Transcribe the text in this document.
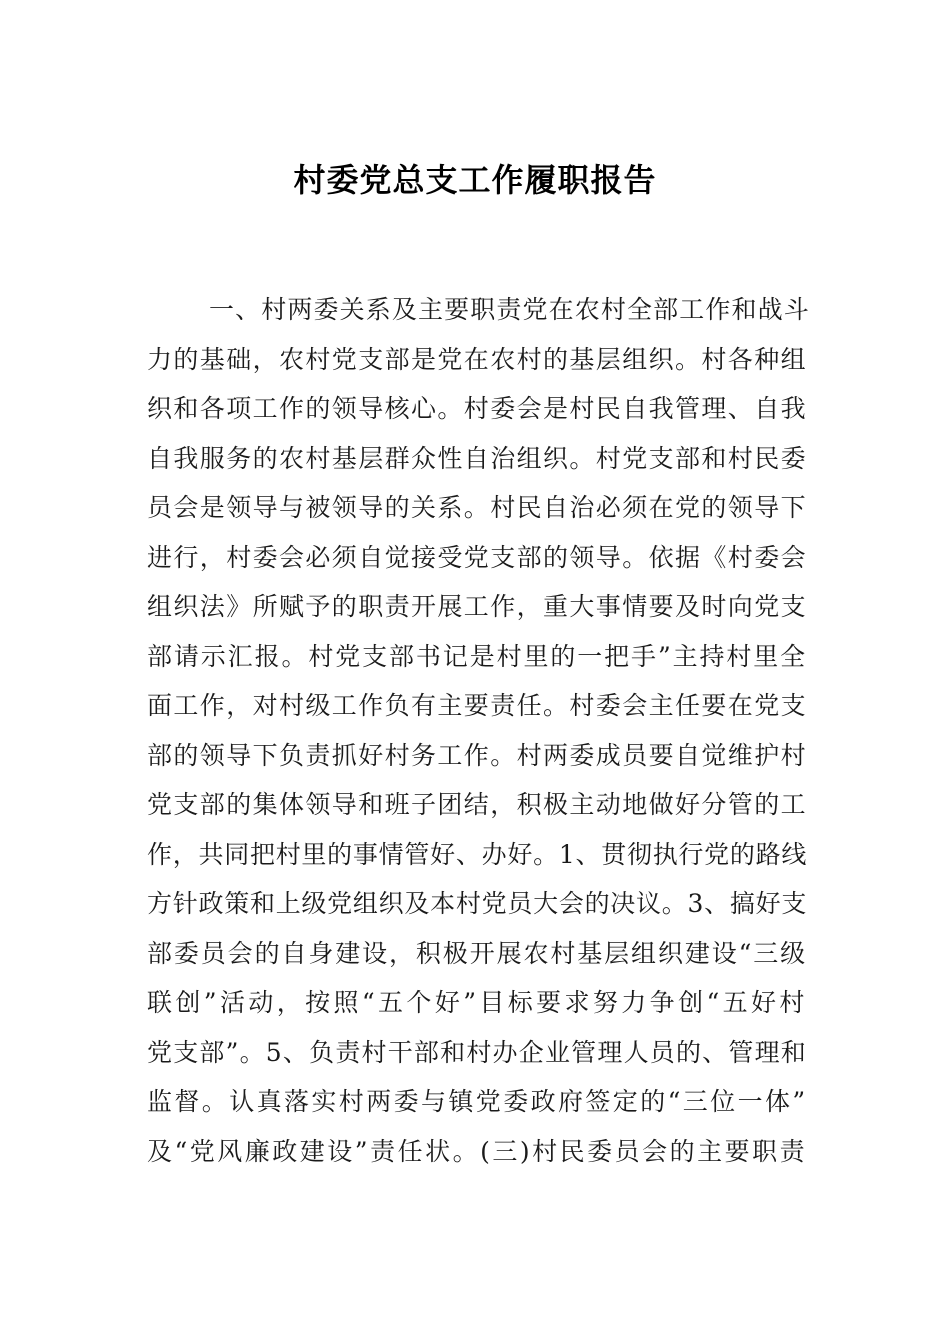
村委党总支工作履职报告
一、村两委关系及主要职责党在农村全部工作和战斗
力的基础，农村党支部是党在农村的基层组织。村各种组
织和各项工作的领导核心。村委会是村民自我管理、自我
自我服务的农村基层群众性自治组织。村党支部和村民委
员会是领导与被领导的关系。村民自治必须在党的领导下
进行，村委会必须自觉接受党支部的领导。依据《村委会
组织法》所赋予的职责开展工作，重大事情要及时向党支
部请示汇报。村党支部书记是村里的一把手”主持村里全
面工作，对村级工作负有主要责任。村委会主任要在党支
部的领导下负责抓好村务工作。村两委成员要自觉维护村
党支部的集体领导和班子团结，积极主动地做好分管的工
作，共同把村里的事情管好、办好。1、贯彻执行党的路线
方针政策和上级党组织及本村党员大会的决议。3、搞好支
部委员会的自身建设，积极开展农村基层组织建设“三级
联创”活动，按照“五个好”目标要求努力争创“五好村
党支部”。5、负责村干部和村办企业管理人员的、管理和
监督。认真落实村两委与镇党委政府签定的“三位一体”
及“党风廉政建设”责任状。(三)村民委员会的主要职责
